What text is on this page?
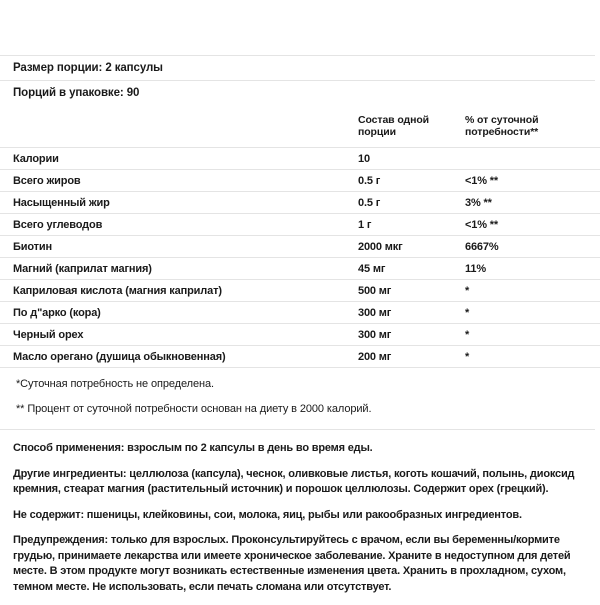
Размер порции: 2 капсулы
Порций в упаковке: 90
	Состав одной порции	% от суточной потребности**
Калории	10	
Всего жиров	0.5 г	<1% **
Насыщенный жир	0.5 г	3% **
Всего углеводов	1 г	<1% **
Биотин	2000 мкг	6667%
Магний (каприлат магния)	45 мг	11%
Каприловая кислота (магния каприлат)	500 мг	*
По д"арко (кора)	300 мг	*
Черный орех	300 мг	*
Масло орегано (душица обыкновенная)	200 мг	*
*Суточная потребность не определена.
** Процент от суточной потребности основан на диету в 2000 калорий.

Способ применения: взрослым по 2 капсулы в день во время еды.

Другие ингредиенты: целлюлоза (капсула), чеснок, оливковые листья, коготь кошачий, полынь, диоксид кремния, стеарат магния (растительный источник) и порошок целлюлозы. Содержит орех (грецкий).

Не содержит: пшеницы, клейковины, сои, молока, яиц, рыбы или ракообразных ингредиентов.

Предупреждения: только для взрослых. Проконсультируйтесь с врачом, если вы беременны/кормите грудью, принимаете лекарства или имеете хроническое заболевание. Храните в недоступном для детей месте. В этом продукте могут возникать естественные изменения цвета. Хранить в прохладном, сухом, темном месте. Не использовать, если печать сломана или отсутствует.
